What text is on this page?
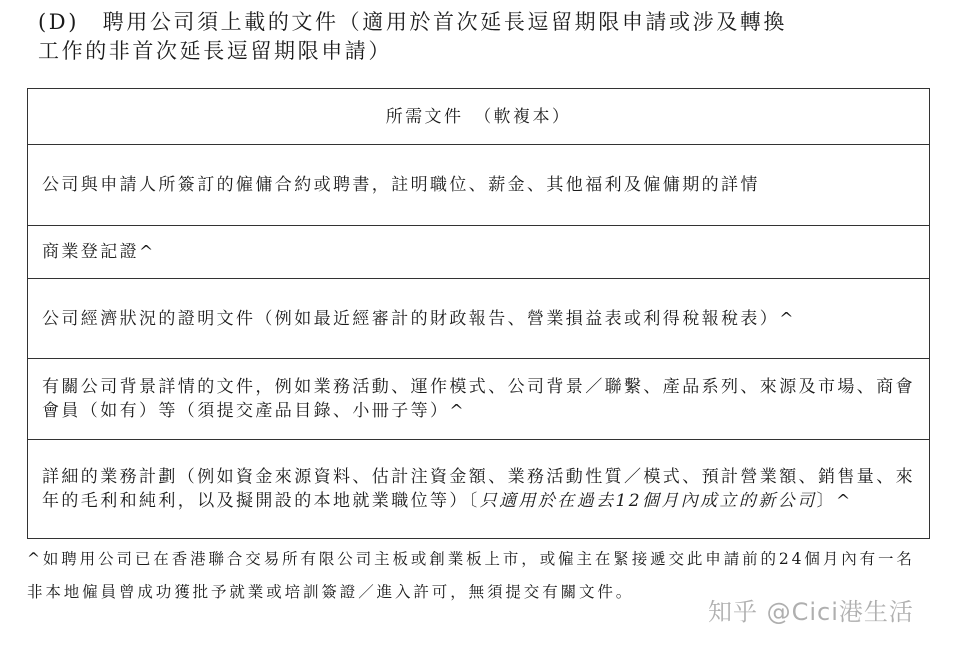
(D)　聘用公司須上載的文件（適用於首次延長逗留期限申請或涉及轉換
工作的非首次延長逗留期限申請）
所需文件　（軟複本）
公司與申請人所簽訂的僱傭合約或聘書，註明職位、薪金、其他福利及僱傭期的詳情
商業登記證^
公司經濟狀況的證明文件（例如最近經審計的財政報告、營業損益表或利得稅報稅表）^
有關公司背景詳情的文件，例如業務活動、運作模式、公司背景／聯繫、產品系列、來源及市場、商會會員（如有）等（須提交產品目錄、小冊子等）^
詳細的業務計劃（例如資金來源資料、估計注資金額、業務活動性質／模式、預計營業額、銷售量、來年的毛利和純利，以及擬開設的本地就業職位等）〔只適用於在過去12個月內成立的新公司〕^
^如聘用公司已在香港聯合交易所有限公司主板或創業板上市，或僱主在緊接遞交此申請前的24個月內有一名非本地僱員曾成功獲批予就業或培訓簽證／進入許可，無須提交有關文件。
知乎 @Cici港生活
